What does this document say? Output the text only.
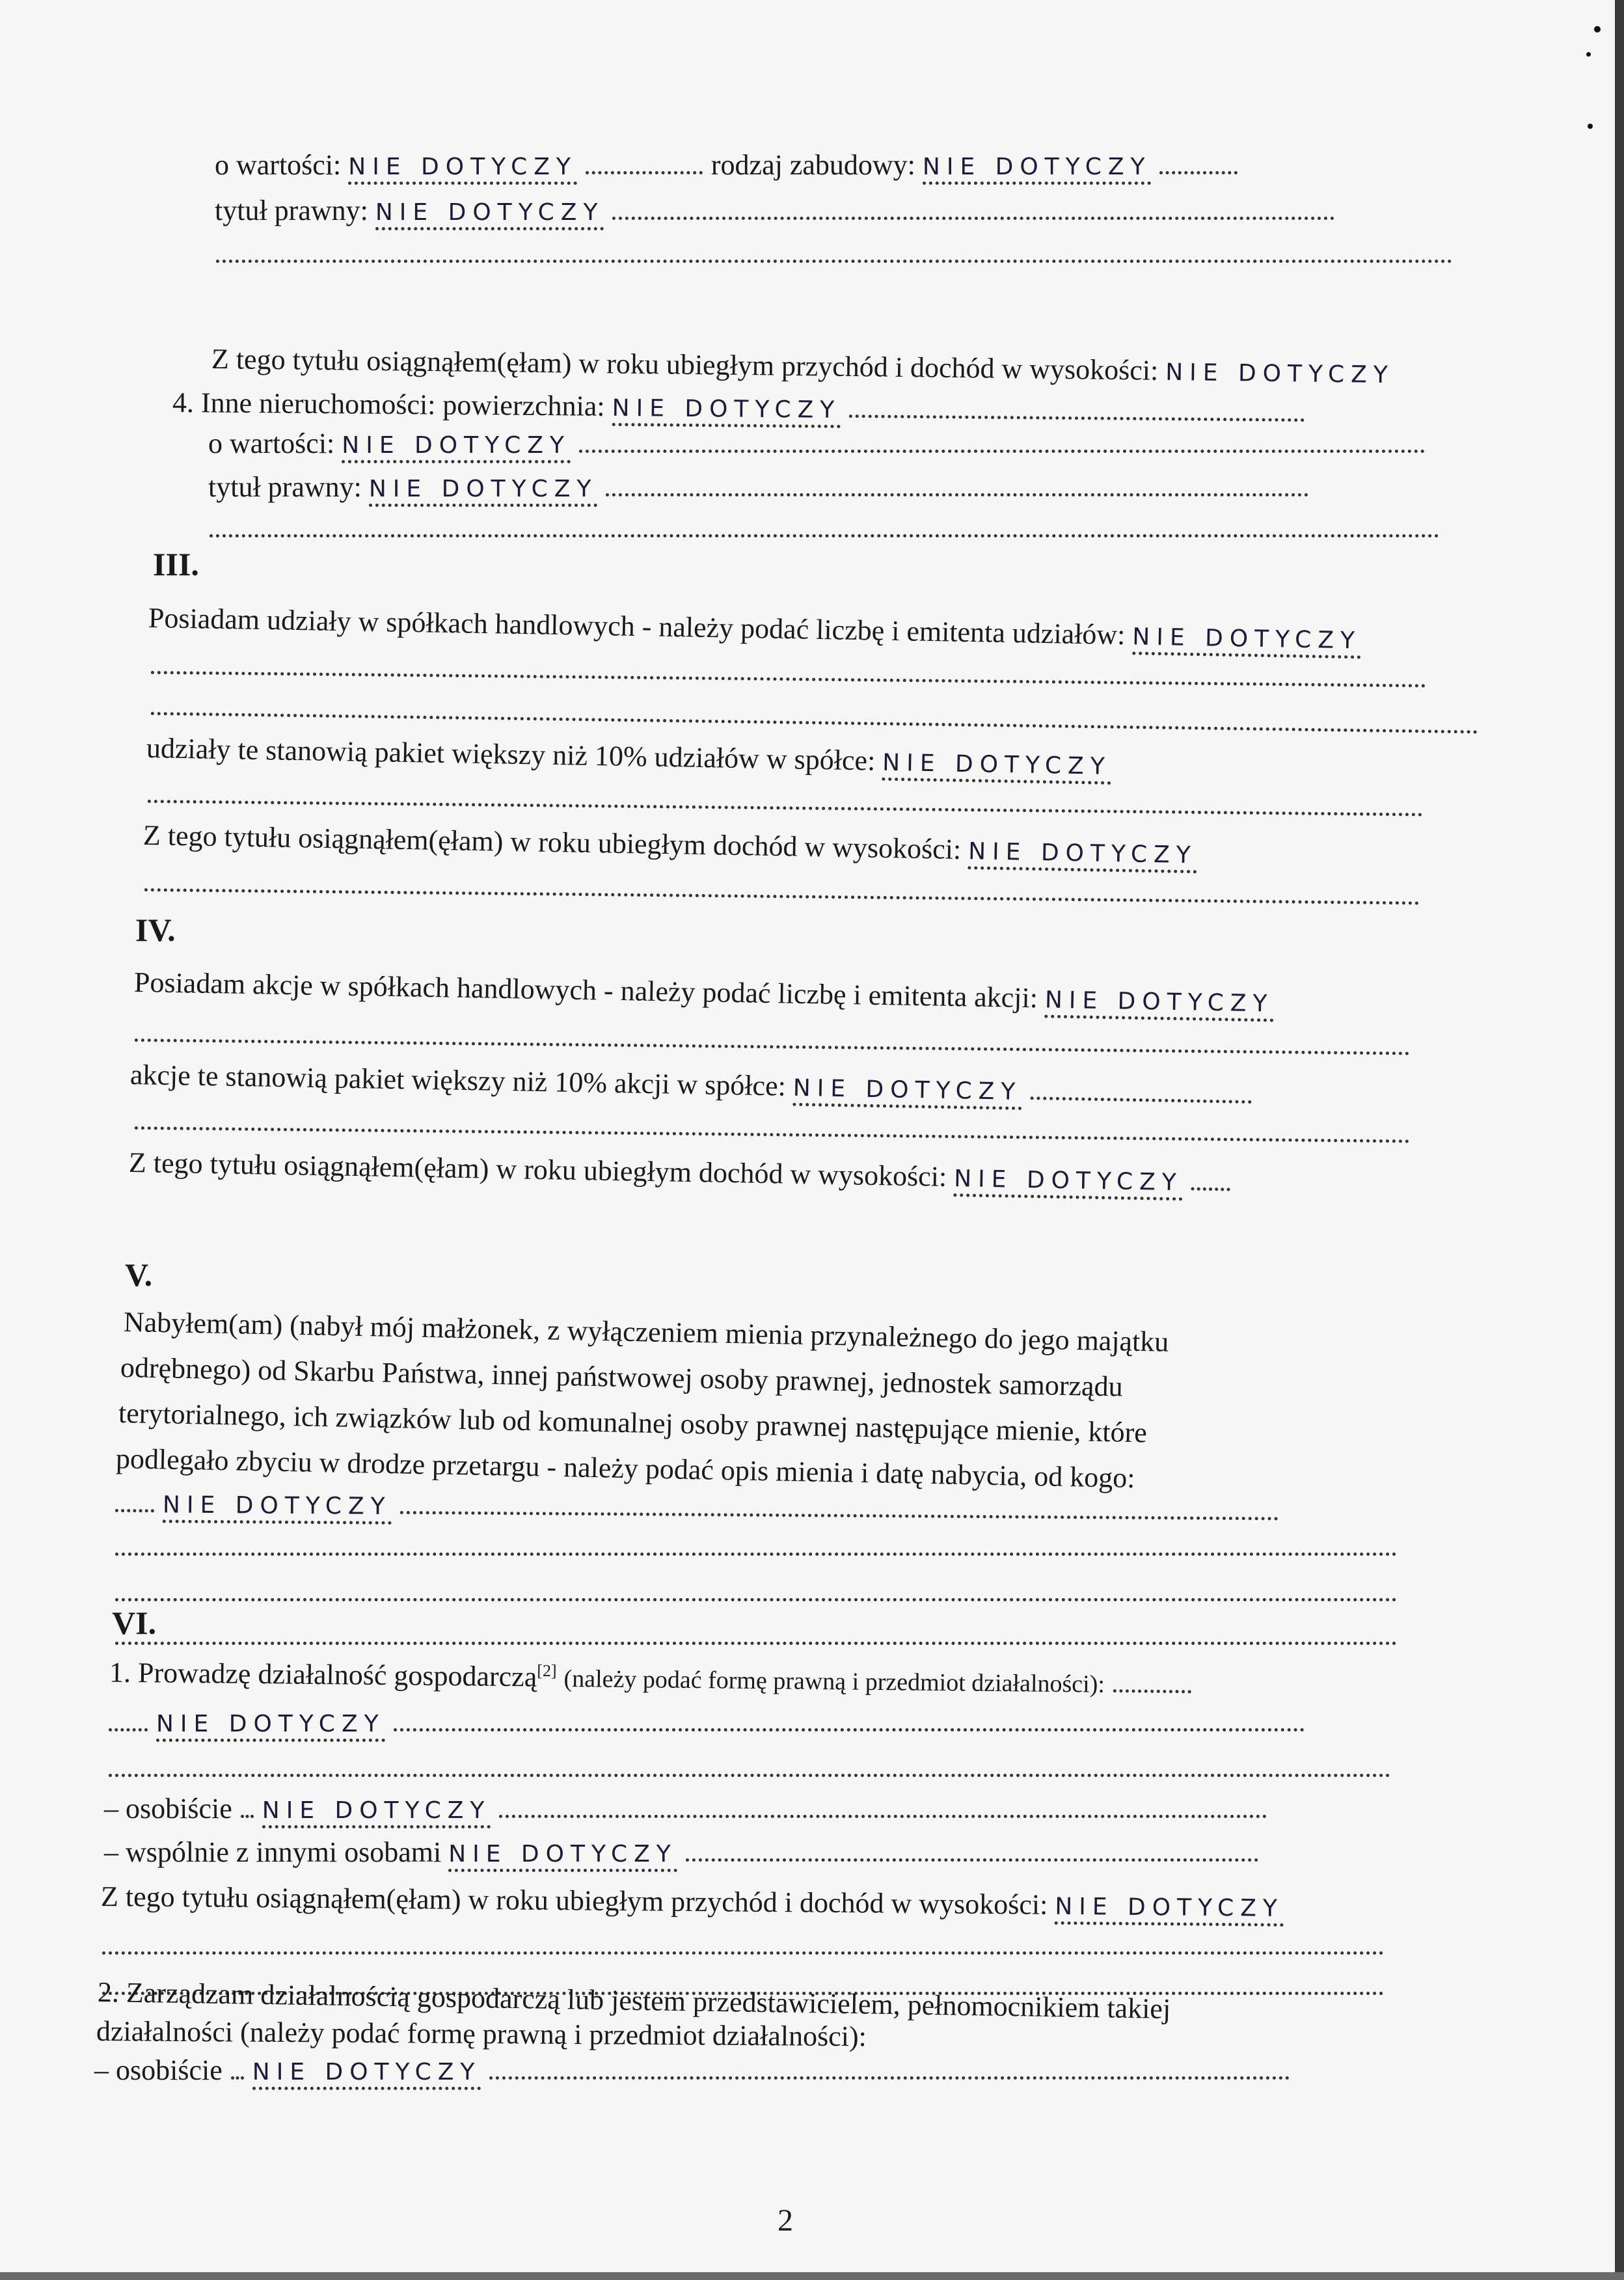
o wartości: NIE DOTYCZY	rodzaj zabudowy: NIE DOTYCZY
tytuł prawny: NIE DOTYCZY
Z tego tytułu osiągnąłem(ęłam) w roku ubiegłym przychód i dochód w wysokości: NIE DOTYCZY
4. Inne nieruchomości: powierzchnia: NIE DOTYCZY
o wartości: NIE DOTYCZY
tytuł prawny: NIE DOTYCZY
III.
Posiadam udziały w spółkach handlowych - należy podać liczbę i emitenta udziałów: NIE DOTYCZY
udziały te stanowią pakiet większy niż 10% udziałów w spółce: NIE DOTYCZY
Z tego tytułu osiągnąłem(ęłam) w roku ubiegłym dochód w wysokości: NIE DOTYCZY
IV.
Posiadam akcje w spółkach handlowych - należy podać liczbę i emitenta akcji: NIE DOTYCZY
akcje te stanowią pakiet większy niż 10% akcji w spółce: NIE DOTYCZY
Z tego tytułu osiągnąłem(ęłam) w roku ubiegłym dochód w wysokości: NIE DOTYCZY
V.
Nabyłem(am) (nabył mój małżonek, z wyłączeniem mienia przynależnego do jego majątku
odrębnego) od Skarbu Państwa, innej państwowej osoby prawnej, jednostek samorządu
terytorialnego, ich związków lub od komunalnej osoby prawnej następujące mienie, które
podlegało zbyciu w drodze przetargu - należy podać opis mienia i datę nabycia, od kogo:
NIE DOTYCZY
VI.
1. Prowadzę działalność gospodarczą[2] (należy podać formę prawną i przedmiot działalności):
NIE DOTYCZY
– osobiście NIE DOTYCZY
– wspólnie z innymi osobami NIE DOTYCZY
Z tego tytułu osiągnąłem(ęłam) w roku ubiegłym przychód i dochód w wysokości: NIE DOTYCZY
2. Zarządzam działalnością gospodarczą lub jestem przedstawicielem, pełnomocnikiem takiej
działalności (należy podać formę prawną i przedmiot działalności):
– osobiście NIE DOTYCZY
2
